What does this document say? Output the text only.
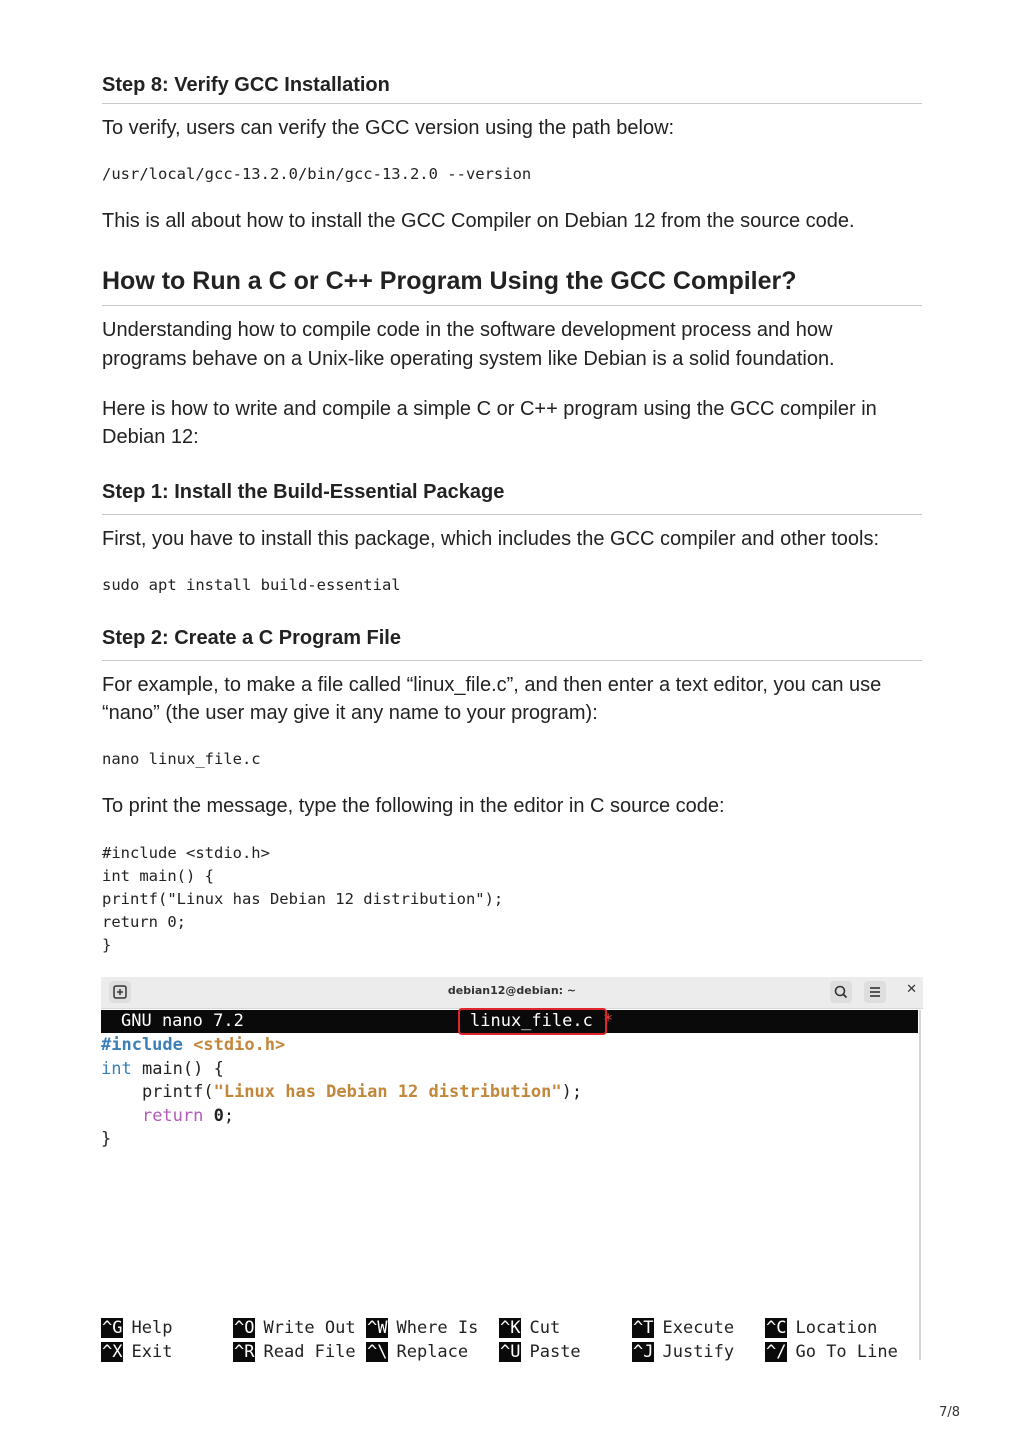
Step 8: Verify GCC Installation
To verify, users can verify the GCC version using the path below:
/usr/local/gcc-13.2.0/bin/gcc-13.2.0 --version
This is all about how to install the GCC Compiler on Debian 12 from the source code.
How to Run a C or C++ Program Using the GCC Compiler?
Understanding how to compile code in the software development process and how
programs behave on a Unix-like operating system like Debian is a solid foundation.
Here is how to write and compile a simple C or C++ program using the GCC compiler in
Debian 12:
Step 1: Install the Build-Essential Package
First, you have to install this package, which includes the GCC compiler and other tools:
sudo apt install build-essential
Step 2: Create a C Program File
For example, to make a file called “linux_file.c”, and then enter a text editor, you can use
“nano” (the user may give it any name to your program):
nano linux_file.c
To print the message, type the following in the editor in C source code:
#include <stdio.h>
int main() {
printf("Linux has Debian 12 distribution");
return 0;
}
debian12@debian: ~	✕

GNU nano 7.2

	linux_file.c

*

#include <stdio.h>
int main() {
printf("Linux has Debian 12 distribution");
return 0;
}
^G Help	^O Write Out ^W Where Is ^K Cut	^T Execute ^C Location
^X Exit	^R Read File ^\ Replace ^U Paste	^J Justify ^/ Go To Line
7/8
